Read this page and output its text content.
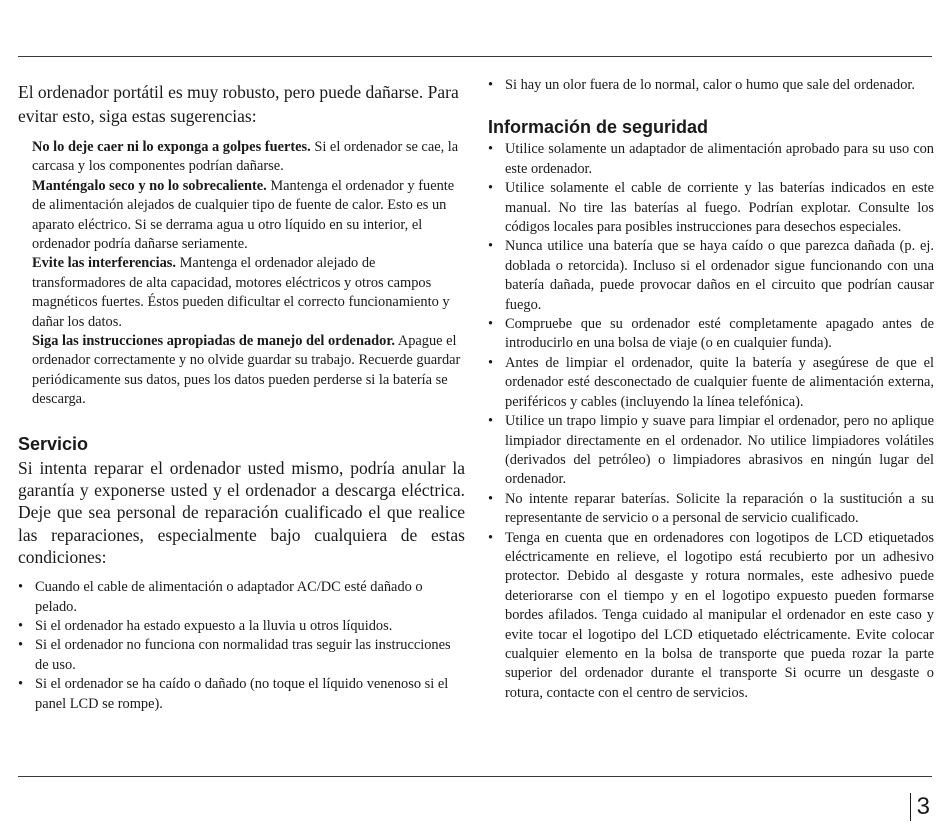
El ordenador portátil es muy robusto, pero puede dañarse. Para evitar esto, siga estas sugerencias:

No lo deje caer ni lo exponga a golpes fuertes. Si el ordenador se cae, la carcasa y los componentes podrían dañarse.

Manténgalo seco y no lo sobrecaliente. Mantenga el ordenador y fuente de alimentación alejados de cualquier tipo de fuente de calor. Esto es un aparato eléctrico. Si se derrama agua u otro líquido en su interior, el ordenador podría dañarse seriamente.

Evite las interferencias. Mantenga el ordenador alejado de transformadores de alta capacidad, motores eléctricos y otros campos magnéticos fuertes. Éstos pueden dificultar el correcto funcionamiento y dañar los datos.

Siga las instrucciones apropiadas de manejo del ordenador. Apague el ordenador correctamente y no olvide guardar su trabajo. Recuerde guardar periódicamente sus datos, pues los datos pueden perderse si la batería se descarga.

Servicio

Si intenta reparar el ordenador usted mismo, podría anular la garantía y exponerse usted y el ordenador a descarga eléctrica. Deje que sea personal de reparación cualificado el que realice las reparaciones, especialmente bajo cualquiera de estas condiciones:

• Cuando el cable de alimentación o adaptador AC/DC esté dañado o pelado.
• Si el ordenador ha estado expuesto a la lluvia u otros líquidos.
• Si el ordenador no funciona con normalidad tras seguir las instrucciones de uso.
• Si el ordenador se ha caído o dañado (no toque el líquido venenoso si el panel LCD se rompe).
• Si hay un olor fuera de lo normal, calor o humo que sale del ordenador.
Información de seguridad
• Utilice solamente un adaptador de alimentación aprobado para su uso con este ordenador.
• Utilice solamente el cable de corriente y las baterías indicados en este manual. No tire las baterías al fuego. Podrían explotar. Consulte los códigos locales para posibles instrucciones para desechos especiales.
• Nunca utilice una batería que se haya caído o que parezca dañada (p. ej. doblada o retorcida). Incluso si el ordenador sigue funcionando con una batería dañada, puede provocar daños en el circuito que podrían causar fuego.
• Compruebe que su ordenador esté completamente apagado antes de introducirlo en una bolsa de viaje (o en cualquier funda).
• Antes de limpiar el ordenador, quite la batería y asegúrese de que el ordenador esté desconectado de cualquier fuente de alimentación externa, periféricos y cables (incluyendo la línea telefónica).
• Utilice un trapo limpio y suave para limpiar el ordenador, pero no aplique limpiador directamente en el ordenador. No utilice limpiadores volátiles (derivados del petróleo) o limpiadores abrasivos en ningún lugar del ordenador.
• No intente reparar baterías. Solicite la reparación o la sustitución a su representante de servicio o a personal de servicio cualificado.
• Tenga en cuenta que en ordenadores con logotipos de LCD etiquetados eléctricamente en relieve, el logotipo está recubierto por un adhesivo protector. Debido al desgaste y rotura normales, este adhesivo puede deteriorarse con el tiempo y en el logotipo expuesto pueden formarse bordes afilados. Tenga cuidado al manipular el ordenador en este caso y evite tocar el logotipo del LCD etiquetado eléctricamente. Evite colocar cualquier elemento en la bolsa de transporte que pueda rozar la parte superior del ordenador durante el transporte Si ocurre un desgaste o rotura, contacte con el centro de servicios.
3
